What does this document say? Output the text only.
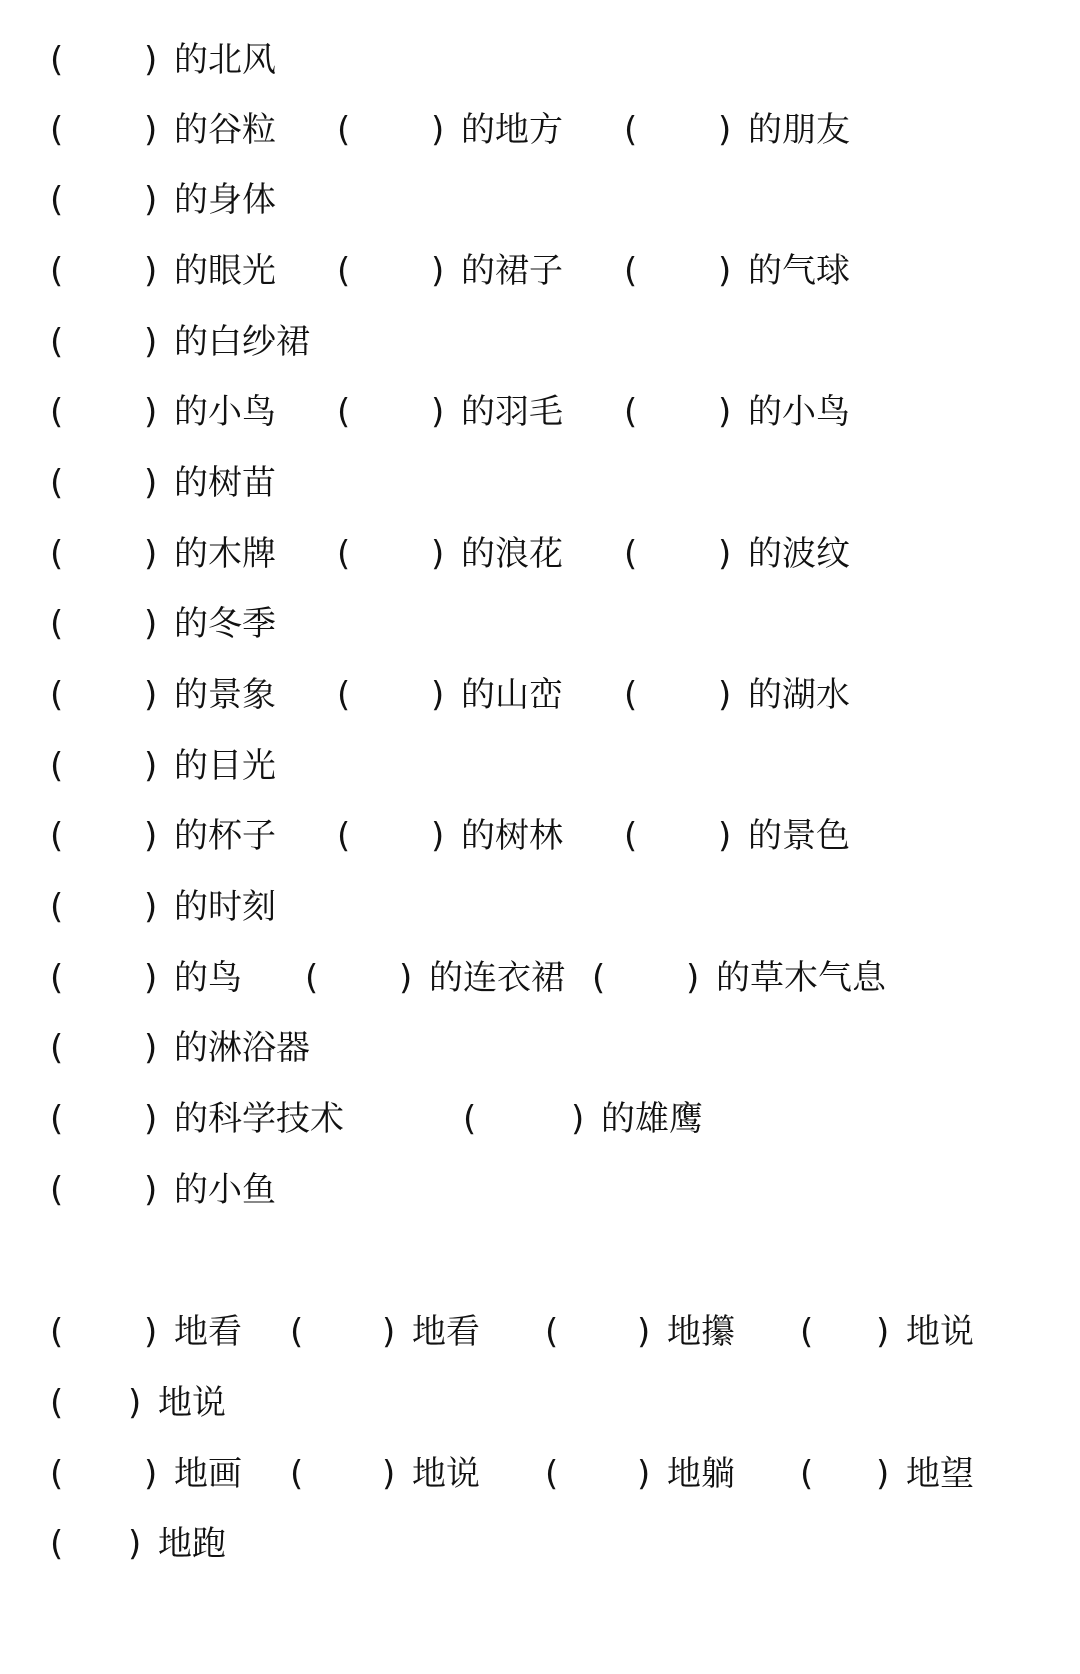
( ) 的北风
( ) 的谷粒 ( ) 的地方 ( ) 的朋友
( ) 的身体
( ) 的眼光 ( ) 的裙子 ( ) 的气球
( ) 的白纱裙
( ) 的小鸟 ( ) 的羽毛 ( ) 的小鸟
( ) 的树苗
( ) 的木牌 ( ) 的浪花 ( ) 的波纹
( ) 的冬季
( ) 的景象 ( ) 的山峦 ( ) 的湖水
( ) 的目光
( ) 的杯子 ( ) 的树林 ( ) 的景色
( ) 的时刻
( ) 的鸟 ( ) 的连衣裙 ( ) 的草木气息
( ) 的淋浴器
( ) 的科学技术	(	) 的雄鹰
( ) 的小鱼
( ) 地看 ( ) 地看 ( ) 地攥 ( ) 地说
( ) 地说
( ) 地画 ( ) 地说 ( ) 地躺 ( ) 地望
( ) 地跑
